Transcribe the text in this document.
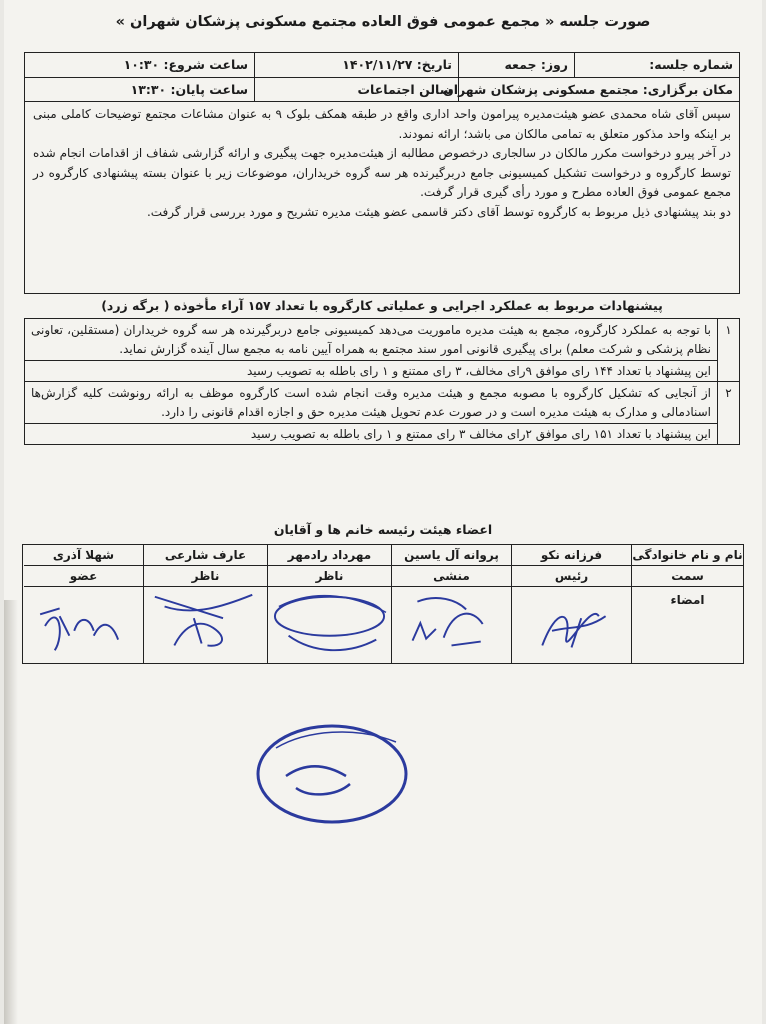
صورت جلسه « مجمع عمومی فوق العاده مجتمع مسکونی پزشکان شهران »
شماره جلسه:
روز: جمعه
تاریخ: ۱۴۰۲/۱۱/۲۷
ساعت شروع: ۱۰:۳۰
مکان برگزاری: مجتمع مسکونی پزشکان شهران
سالن اجتماعات
ساعت پایان: ۱۳:۳۰

سپس آقای شاه محمدی عضو هیئت‌مدیره پیرامون واحد اداری واقع در طبقه همکف بلوک ۹ به عنوان مشاعات مجتمع توضیحات کاملی مبنی بر اینکه واحد مذکور متعلق به تمامی مالکان می باشد؛ ارائه نمودند.

در آخر پیرو درخواست مکرر مالکان در سالجاری درخصوص مطالبه از هیئت‌مدیره جهت پیگیری و ارائه گزارشی شفاف از اقدامات انجام شده توسط کارگروه و درخواست تشکیل کمیسیونی جامع دربرگیرنده هر سه گروه خریداران، موضوعات زیر با عنوان بسته پیشنهادی کارگروه در مجمع عمومی فوق العاده مطرح و مورد رأی گیری قرار گرفت.

دو بند پیشنهادی ذیل مربوط به کارگروه توسط آقای دکتر قاسمی عضو هیئت مدیره تشریح و مورد بررسی قرار گرفت.

پیشنهادات مربوط به عملکرد اجرایی و عملیاتی کارگروه با تعداد ۱۵۷ آراء مأخوذه ( برگه زرد)
۱
با توجه به عملکرد کارگروه، مجمع به هیئت مدیره ماموریت می‌دهد کمیسیونی جامع دربرگیرنده هر سه گروه خریداران (مستقلین، تعاونی نظام پزشکی و شرکت معلم) برای پیگیری قانونی امور سند مجتمع به همراه آیین نامه به مجمع سال آینده گزارش نماید.
این پیشنهاد با تعداد ۱۴۴ رای موافق ۹رای مخالف، ۳ رای ممتنع و ۱ رای باطله به تصویب رسید
۲
از آنجایی که تشکیل کارگروه با مصوبه مجمع و هیئت مدیره وقت انجام شده است کارگروه موظف به ارائه رونوشت کلیه گزارش‌ها اسنادمالی و مدارک به هیئت مدیره است و در صورت عدم تحویل هیئت مدیره حق و اجازه اقدام قانونی را دارد.
این پیشنهاد با تعداد ۱۵۱ رای موافق ۲رای مخالف ۳ رای ممتنع و ۱ رای باطله به تصویب رسید
اعضاء هیئت رئیسه خانم ها و آقایان
نام و نام خانوادگی
سمت
امضاء
فرزانه نکو
رئیس
پروانه آل یاسین
منشی
مهرداد رادمهر
ناظر
عارف شارعی
ناظر
شهلا آذری
عضو
